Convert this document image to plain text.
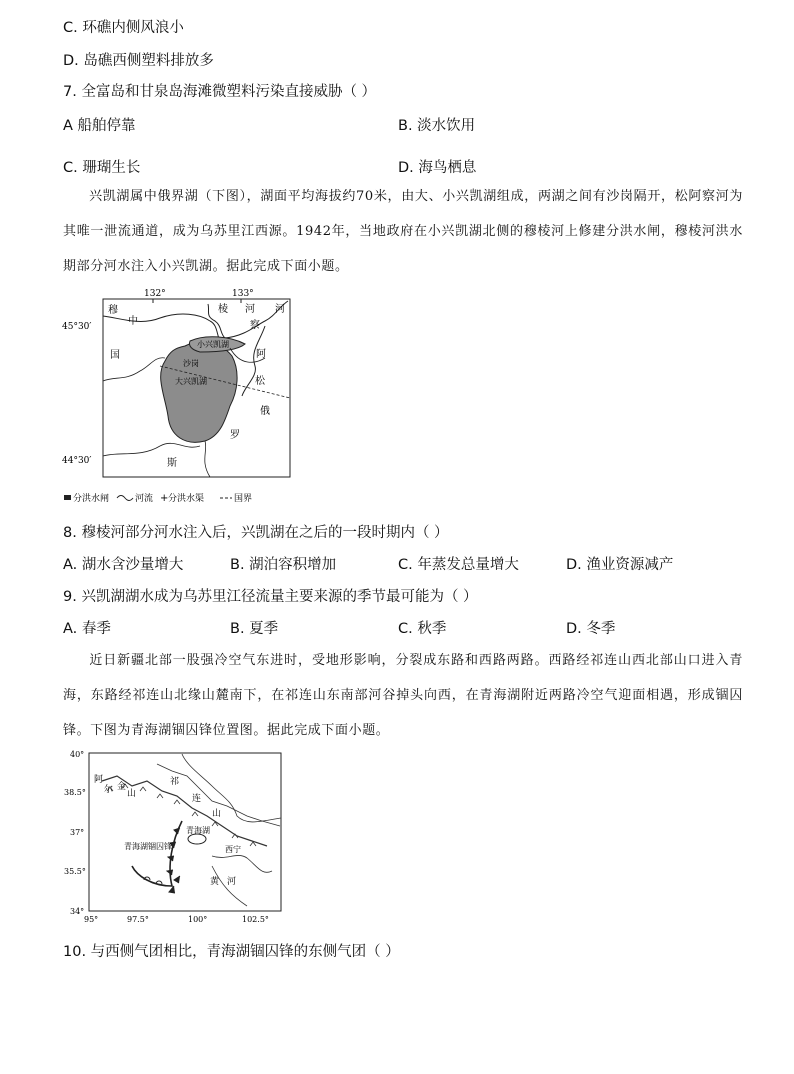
C. 环礁内侧风浪小
D. 岛礁西侧塑料排放多
7. 全富岛和甘泉岛海滩微塑料污染直接威胁（ ）
A 船舶停靠	B. 淡水饮用
C. 珊瑚生长	D. 海鸟栖息
兴凯湖属中俄界湖（下图），湖面平均海拔约70米，由大、小兴凯湖组成，两湖之间有沙岗隔开，松阿察河为其唯一泄流通道，成为乌苏里江西源。1942年，当地政府在小兴凯湖北侧的穆棱河上修建分洪水闸，穆棱河洪水期部分河水注入小兴凯湖。据此完成下面小题。
132°	133°
45°30′
44°30′
穆
中
棱 河 河
松
察
阿
国
小兴凯湖
沙岗
大兴凯湖
俄
罗
斯
分洪水闸	河流 + 分洪水渠	国界
8. 穆棱河部分河水注入后，兴凯湖在之后的一段时期内（ ）
A. 湖水含沙量增大	B. 湖泊容积增加	C. 年蒸发总量增大	D. 渔业资源减产
9. 兴凯湖湖水成为乌苏里江径流量主要来源的季节最可能为（ ）
A. 春季	B. 夏季	C. 秋季	D. 冬季
近日新疆北部一股强冷空气东进时，受地形影响，分裂成东路和西路两路。西路经祁连山西北部山口进入青海，东路经祁连山北缘山麓南下，在祁连山东南部河谷掉头向西，在青海湖附近两路冷空气迎面相遇，形成锢囚锋。下图为青海湖锢囚锋位置图。据此完成下面小题。
40°
38.5°
37°
35.5°
34°
95°	97.5°	100°	102.5°
阿
尔 金
山
祁
连
山
青海湖
西宁
黄 河
青海湖锢囚锋
10. 与西侧气团相比，青海湖锢囚锋的东侧气团（ ）
